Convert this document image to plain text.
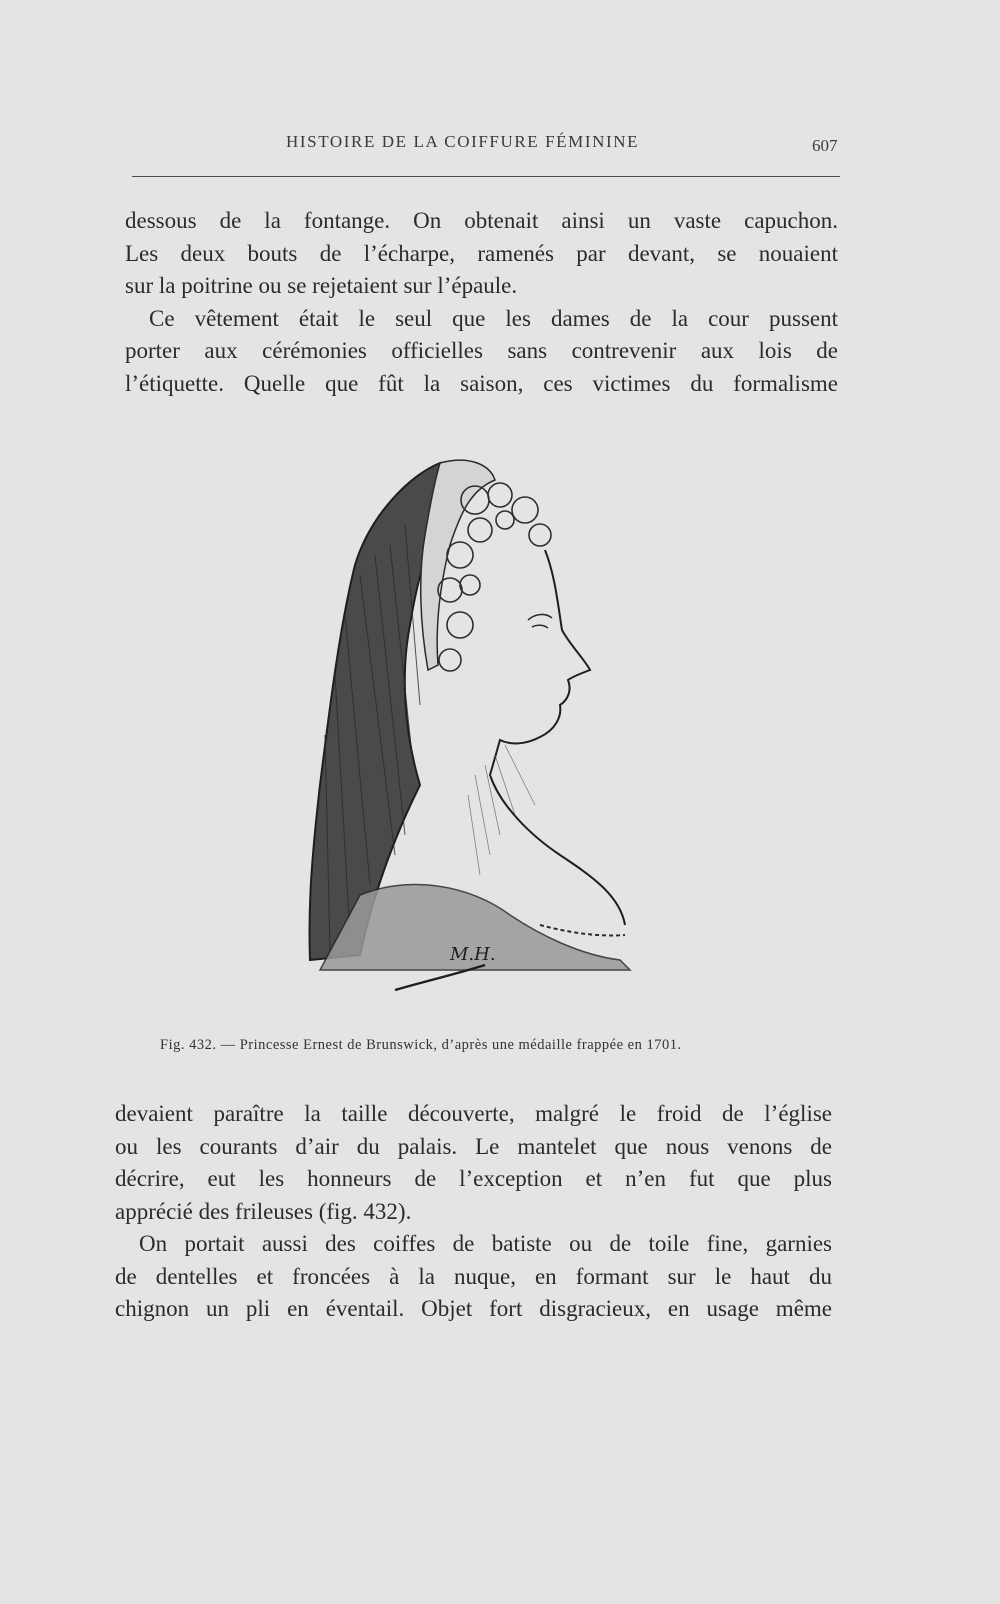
HISTOIRE DE LA COIFFURE FÉMININE	607

dessous de la fontange. On obtenait ainsi un vaste capuchon.
Les deux bouts de l’écharpe, ramenés par devant, se nouaient
sur la poitrine ou se rejetaient sur l’épaule.

Ce vêtement était le seul que les dames de la cour pussent
porter aux cérémonies officielles sans contrevenir aux lois de
l’étiquette. Quelle que fût la saison, ces victimes du formalisme

M.H.
Fig. 432. — Princesse Ernest de Brunswick, d’après une médaille frappée en 1701.

devaient paraître la taille découverte, malgré le froid de l’église
ou les courants d’air du palais. Le mantelet que nous venons de
décrire, eut les honneurs de l’exception et n’en fut que plus
apprécié des frileuses (fig. 432).

On portait aussi des coiffes de batiste ou de toile fine, garnies
de dentelles et froncées à la nuque, en formant sur le haut du
chignon un pli en éventail. Objet fort disgracieux, en usage même
